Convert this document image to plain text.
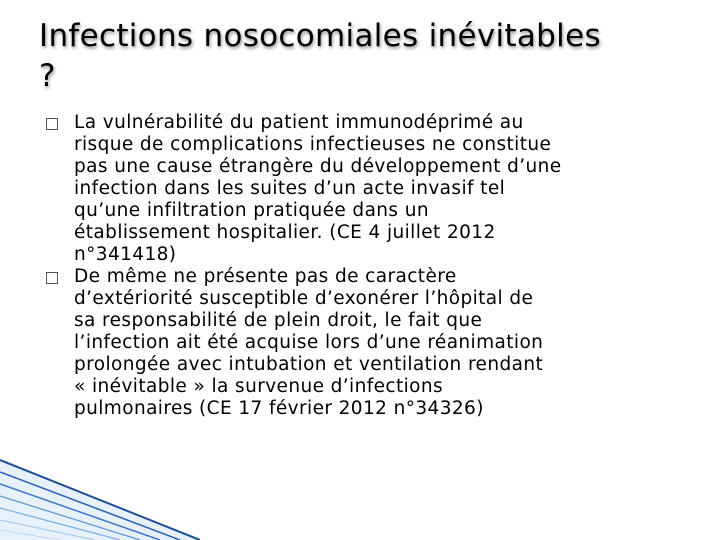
Infections nosocomiales inévitables
?
La vulnérabilité du patient immunodéprimé au
risque de complications infectieuses ne constitue
pas une cause étrangère du développement d’une
infection dans les suites d’un acte invasif tel
qu’une infiltration pratiquée dans un
établissement hospitalier. (CE 4 juillet 2012
n°341418)
De même ne présente pas de caractère
d’extériorité susceptible d’exonérer l’hôpital de
sa responsabilité de plein droit, le fait que
l’infection ait été acquise lors d’une réanimation
prolongée avec intubation et ventilation rendant
« inévitable » la survenue d’infections
pulmonaires (CE 17 février 2012 n°34326)
